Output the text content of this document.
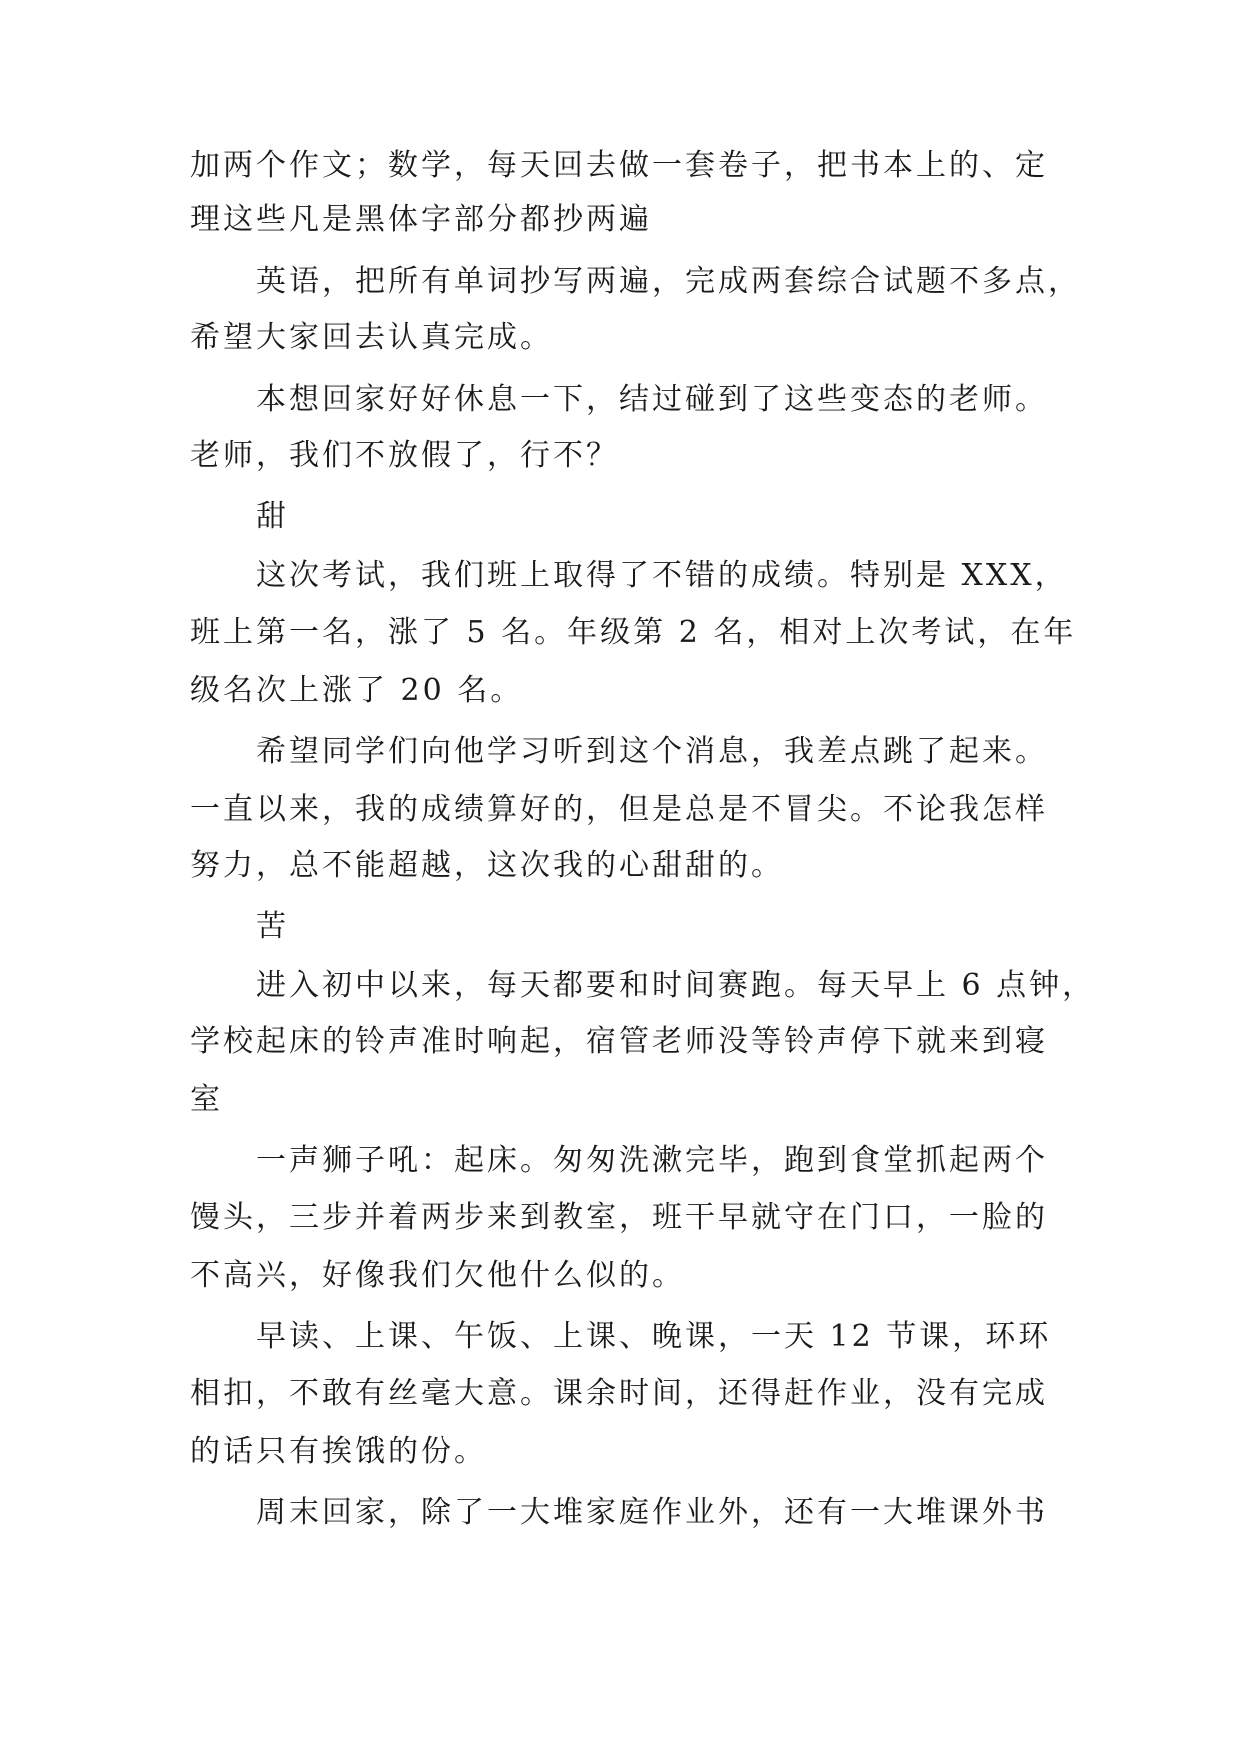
加两个作文；数学，每天回去做一套卷子，把书本上的、定

理这些凡是黑体字部分都抄两遍

英语，把所有单词抄写两遍，完成两套综合试题不多点，

希望大家回去认真完成。

本想回家好好休息一下，结过碰到了这些变态的老师。

老师，我们不放假了，行不？

甜

这次考试，我们班上取得了不错的成绩。特别是 XXX，

班上第一名，涨了 5 名。年级第 2 名，相对上次考试，在年

级名次上涨了 20 名。

希望同学们向他学习听到这个消息，我差点跳了起来。

一直以来，我的成绩算好的，但是总是不冒尖。不论我怎样

努力，总不能超越，这次我的心甜甜的。

苦

进入初中以来，每天都要和时间赛跑。每天早上 6 点钟，

学校起床的铃声准时响起，宿管老师没等铃声停下就来到寝

室

一声狮子吼：起床。匆匆洗漱完毕，跑到食堂抓起两个

馒头，三步并着两步来到教室，班干早就守在门口，一脸的

不高兴，好像我们欠他什么似的。

早读、上课、午饭、上课、晚课，一天 12 节课，环环

相扣，不敢有丝毫大意。课余时间，还得赶作业，没有完成

的话只有挨饿的份。

周末回家，除了一大堆家庭作业外，还有一大堆课外书
